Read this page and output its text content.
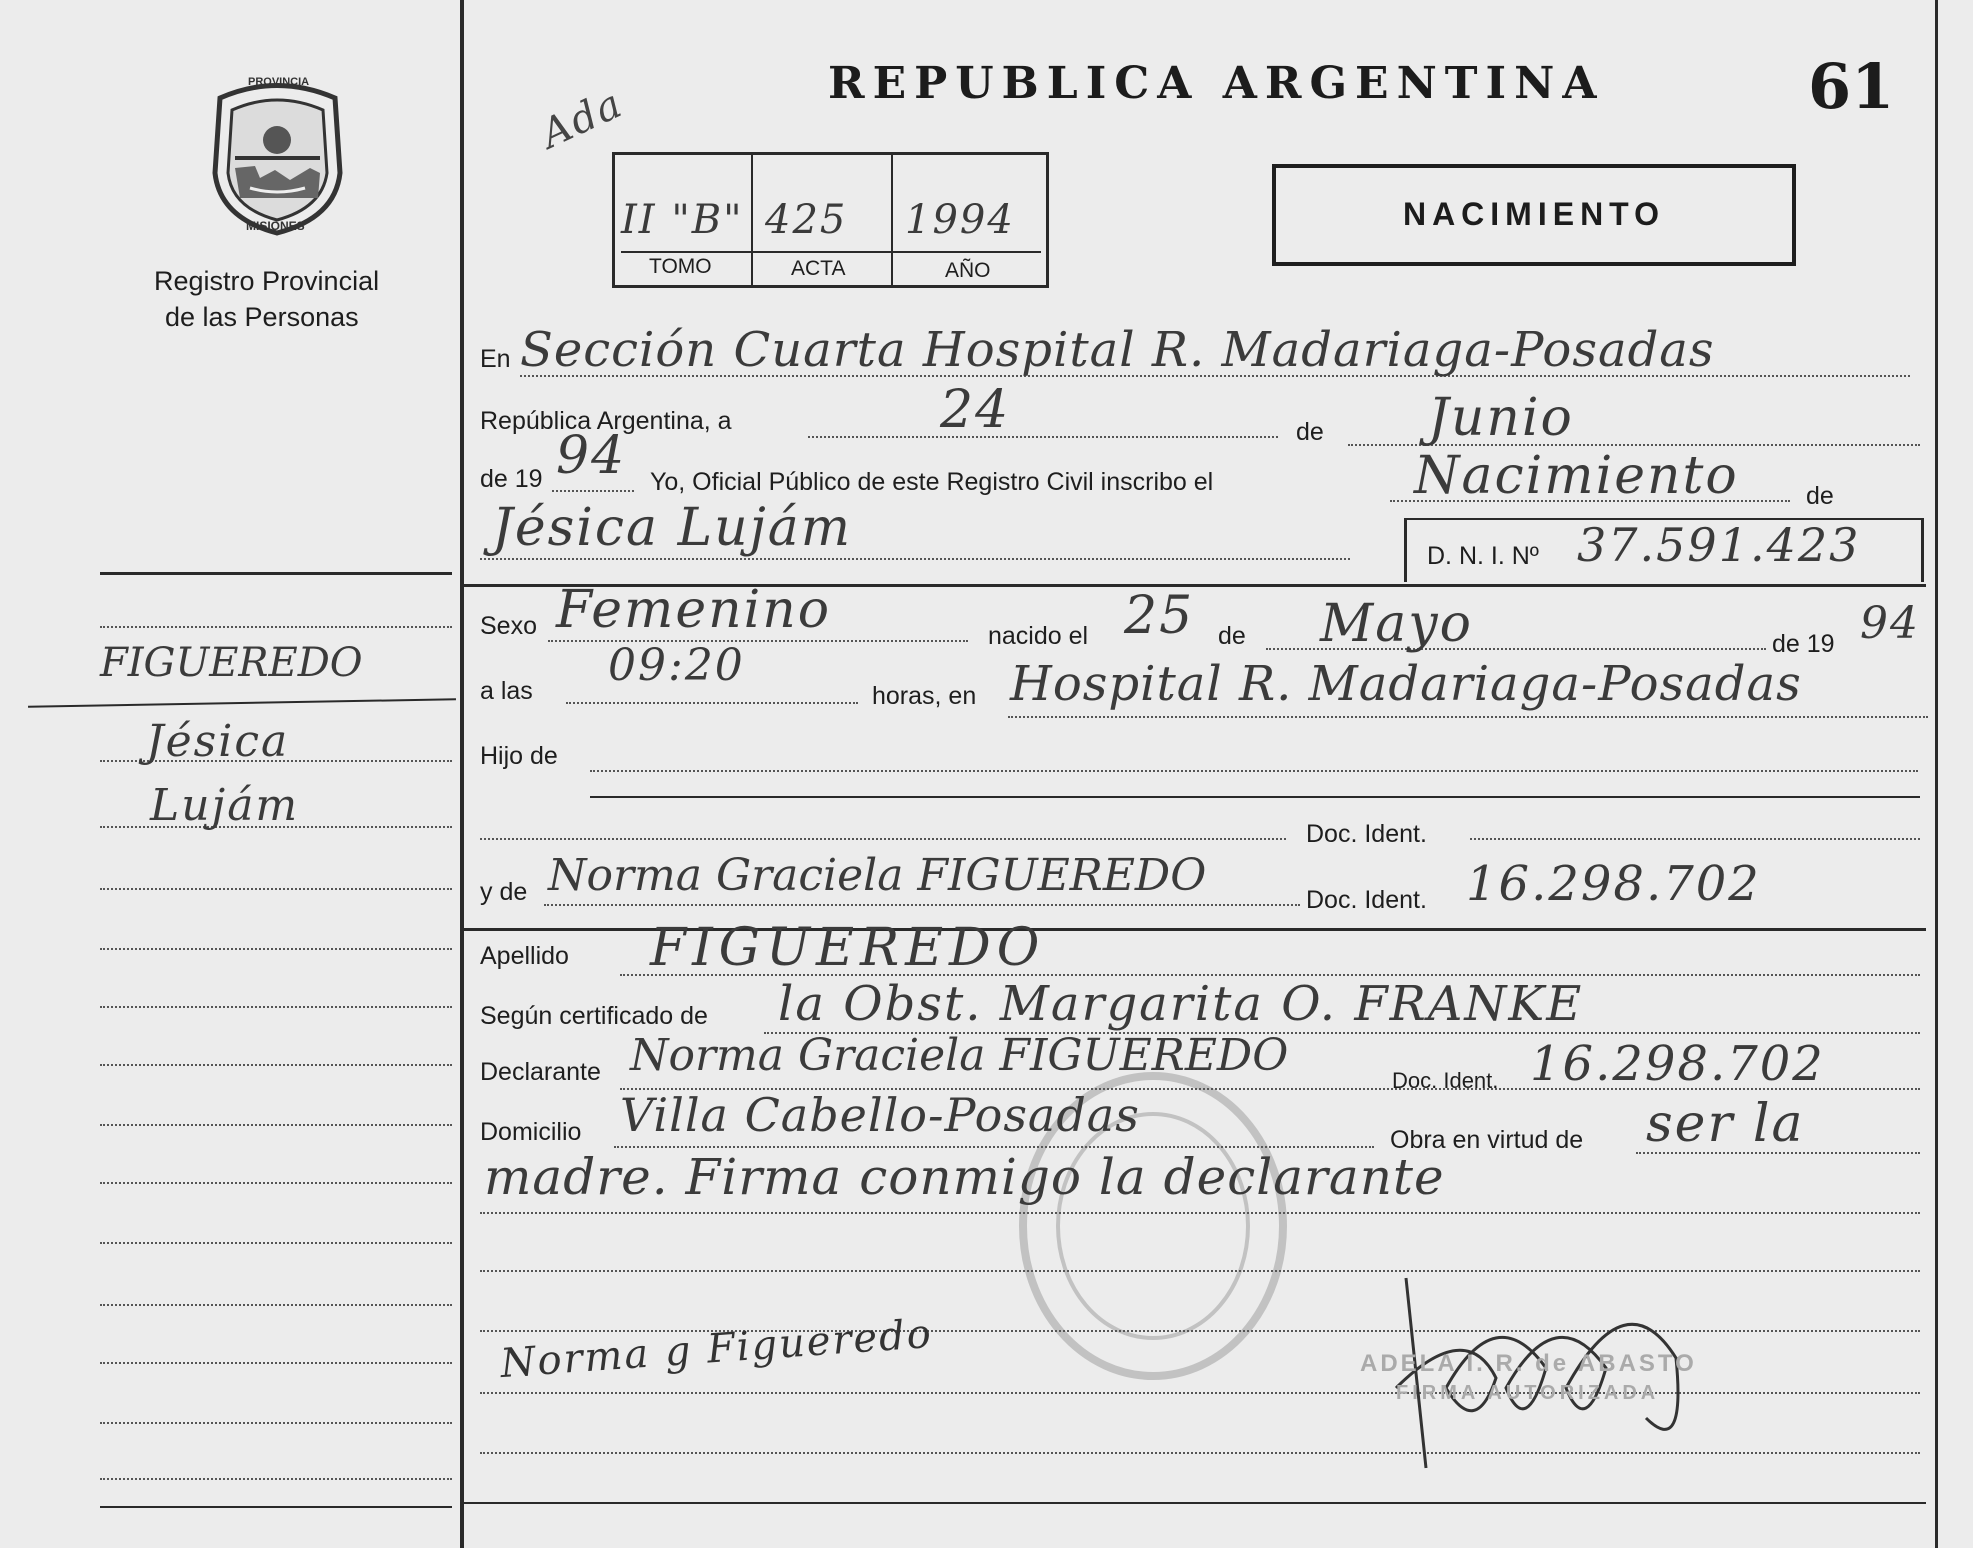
PROVINCIA
MISIONES
Registro Provincial
de las Personas
REPUBLICA ARGENTINA	61
Ada
II "B" 425 1994
TOMO	ACTA	AÑO
NACIMIENTO
En Sección Cuarta Hospital R. Madariaga-Posadas
República Argentina, a	24	de Junio
de 19 94 Yo, Oficial Público de este Registro Civil inscribo el	Nacimiento	de
Jésica Lujám	D. N. I. Nº 37.591.423
Sexo Femenino	nacido el 25 de Mayo	de 19 94
a las 09:20
horas, en Hospital R. Madariaga-Posadas
Hijo de
Doc. Ident.
y de Norma Graciela FIGUEREDO	Doc. Ident. 16.298.702
Apellido FIGUEREDO
Según certificado de la Obst. Margarita O. FRANKE
Declarante Norma Graciela FIGUEREDO	Doc. Ident. 16.298.702
Domicilio Villa Cabello-Posadas	Obra en virtud de ser la
madre. Firma conmigo la declarante
Norma g Figueredo	ADELA I. R. de ABASTO
FIRMA AUTORIZADA
FIGUEREDO
Jésica
Lujám
